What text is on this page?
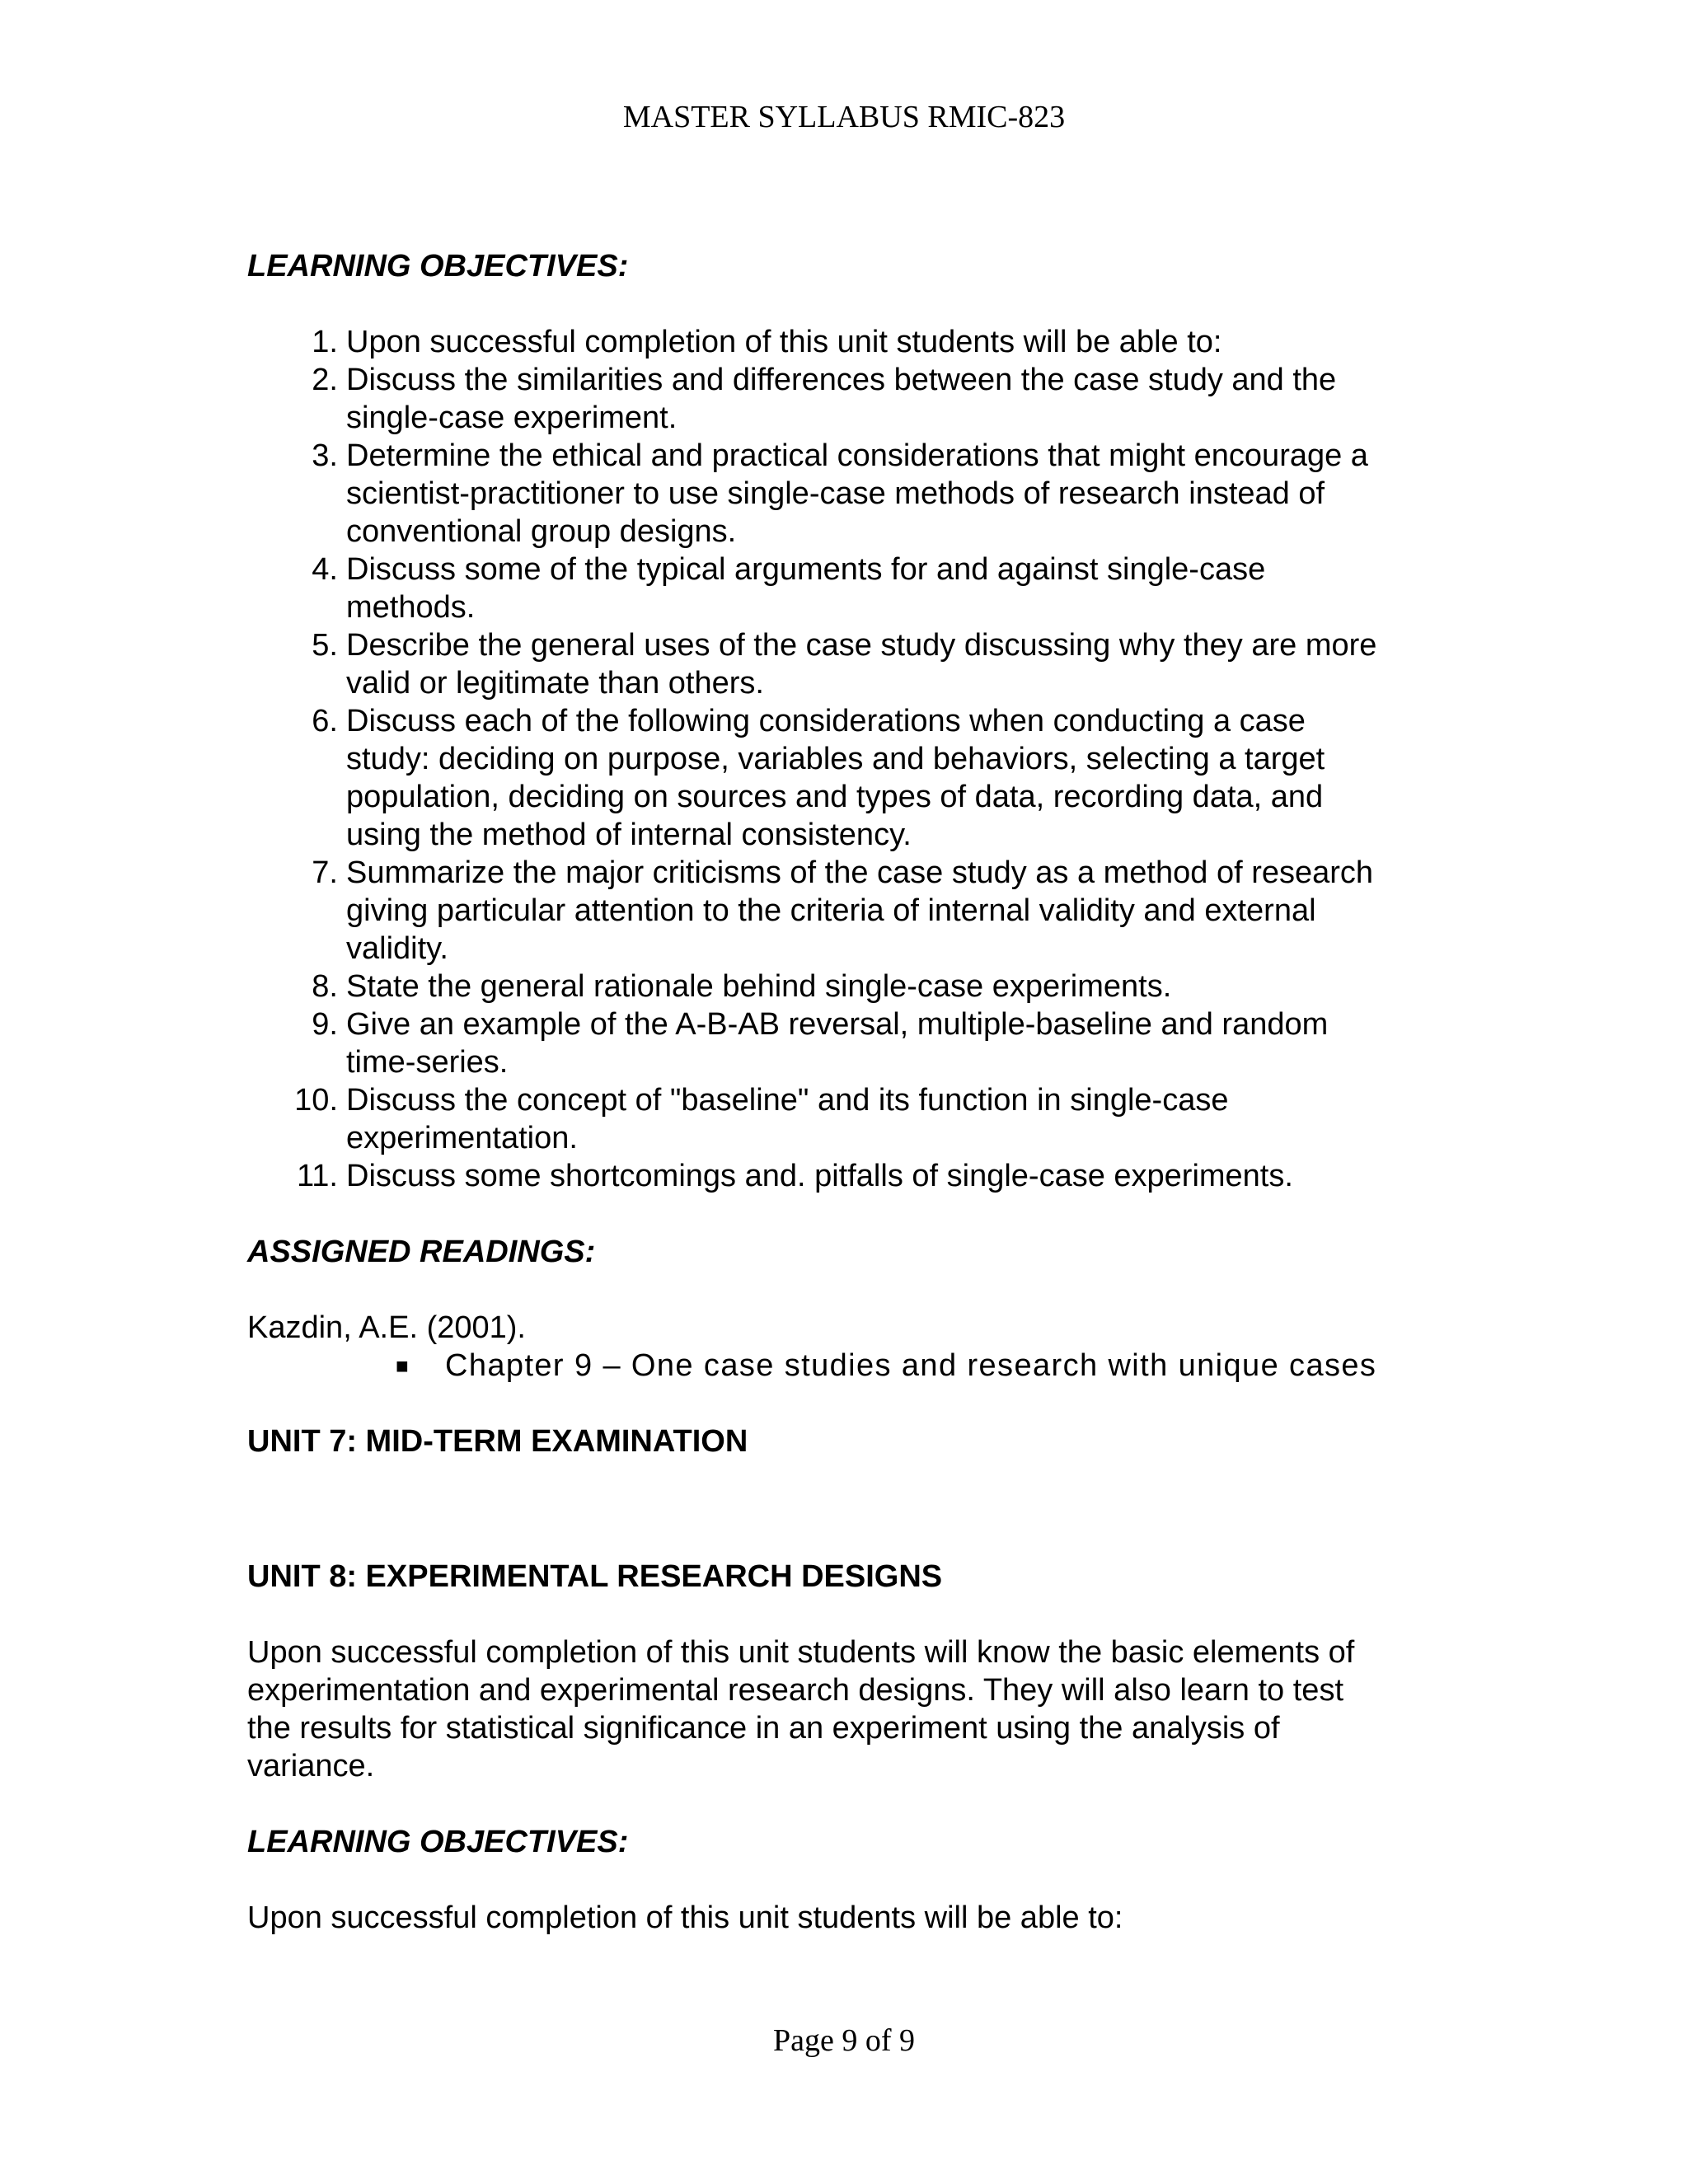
MASTER SYLLABUS RMIC-823

LEARNING OBJECTIVES:

1. Upon successful completion of this unit students will be able to:
2. Discuss the similarities and differences between the case study and the single-case experiment.
3. Determine the ethical and practical considerations that might encourage a scientist-practitioner to use single-case methods of research instead of conventional group designs.
4. Discuss some of the typical arguments for and against single-case methods.
5. Describe the general uses of the case study discussing why they are more valid or legitimate than others.
6. Discuss each of the following considerations when conducting a case study: deciding on purpose, variables and behaviors, selecting a target population, deciding on sources and types of data, recording data, and using the method of internal consistency.
7. Summarize the major criticisms of the case study as a method of research giving particular attention to the criteria of internal validity and external validity.
8. State the general rationale behind single-case experiments.
9. Give an example of the A-B-AB reversal, multiple-baseline and random time-series.
10. Discuss the concept of "baseline" and its function in single-case experimentation.
11. Discuss some shortcomings and. pitfalls of single-case experiments.

ASSIGNED READINGS:

Kazdin, A.E. (2001).

■	Chapter 9 – One case studies and research with unique cases

UNIT 7: MID-TERM EXAMINATION

UNIT 8: EXPERIMENTAL RESEARCH DESIGNS

Upon successful completion of this unit students will know the basic elements of experimentation and experimental research designs. They will also learn to test the results for statistical significance in an experiment using the analysis of variance.

LEARNING OBJECTIVES:

Upon successful completion of this unit students will be able to:

Page 9 of 9
